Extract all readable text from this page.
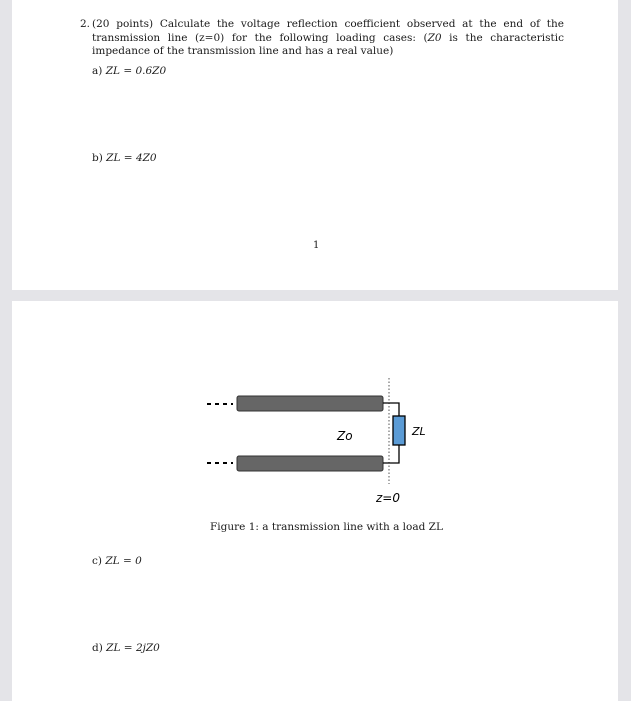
2. (20 points) Calculate the voltage reflection coefficient observed at the end of the transmission line (z=0) for the following loading cases: (Z0 is the characteristic impedance of the transmission line and has a real value)
a) ZL = 0.6Z0
b) ZL = 4Z0
1
Zo	ZL
z=0
Figure 1: a transmission line with a load ZL
c) ZL = 0
d) ZL = 2jZ0
